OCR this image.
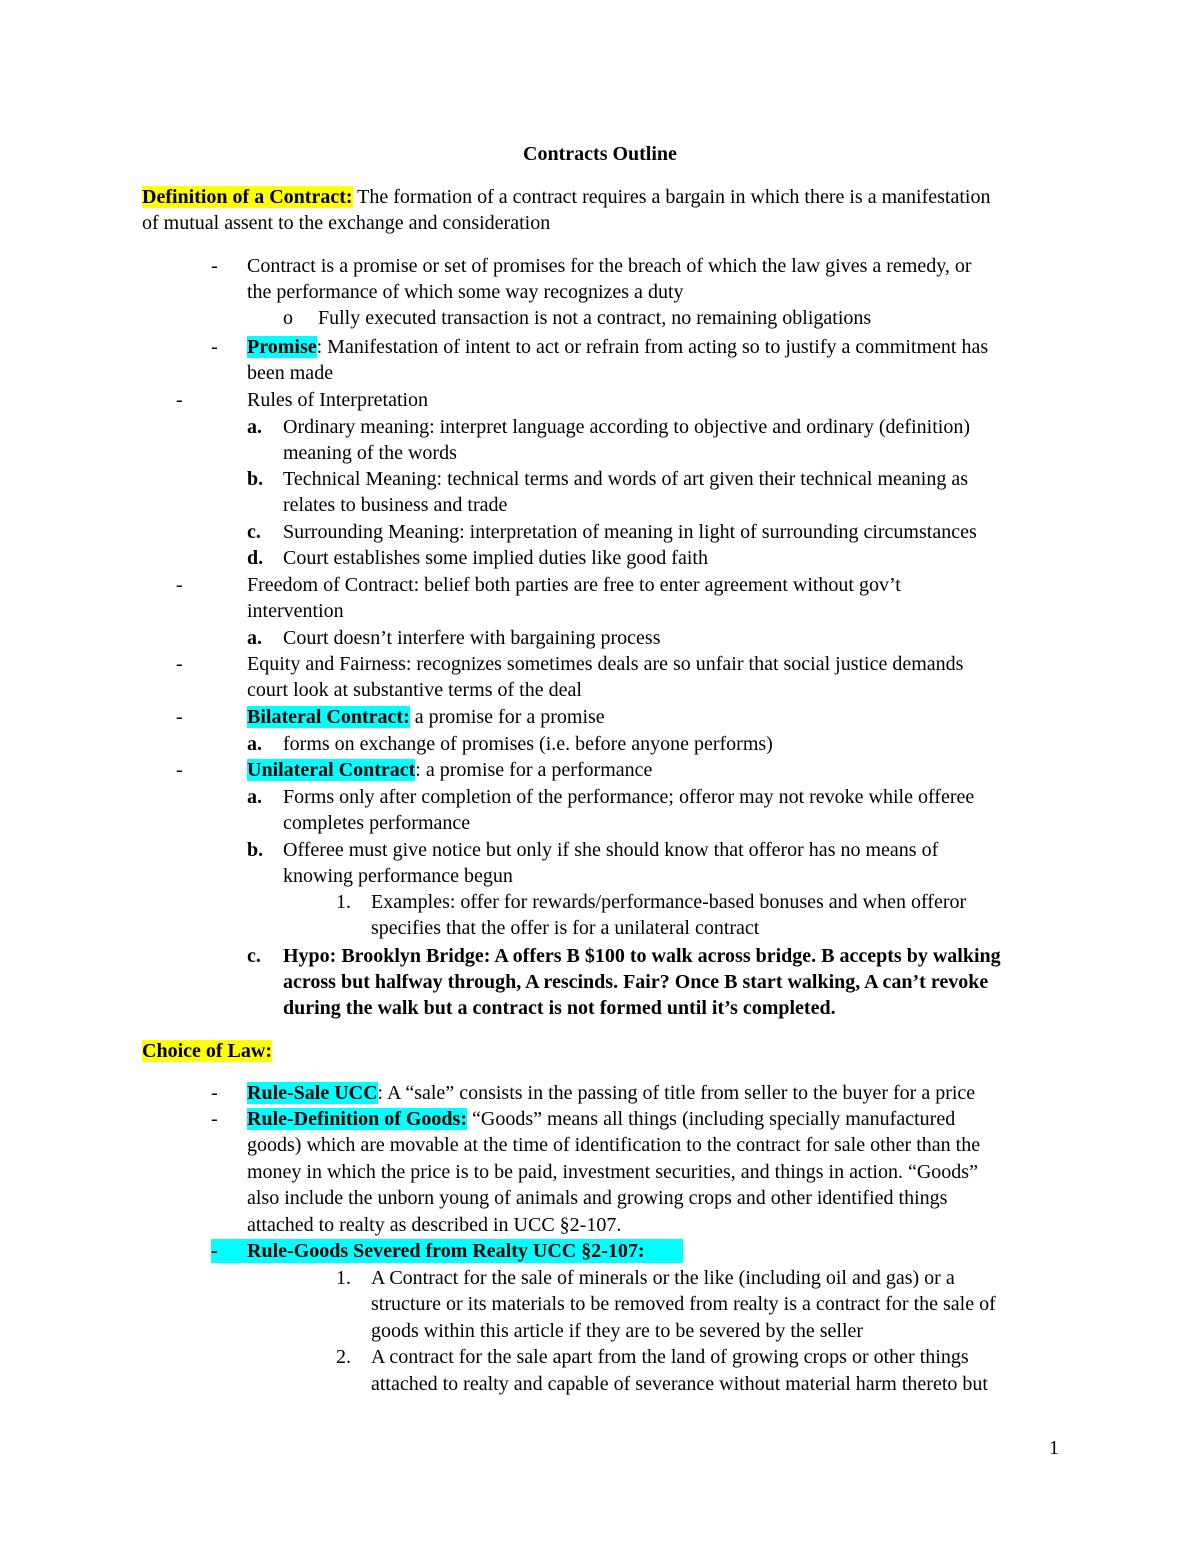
Contracts Outline
Definition of a Contract: The formation of a contract requires a bargain in which there is a manifestation
of mutual assent to the exchange and consideration
- Contract is a promise or set of promises for the breach of which the law gives a remedy, or
the performance of which some way recognizes a duty
o Fully executed transaction is not a contract, no remaining obligations
- Promise: Manifestation of intent to act or refrain from acting so to justify a commitment has
been made
-	Rules of Interpretation
a. Ordinary meaning: interpret language according to objective and ordinary (definition)
meaning of the words
b. Technical Meaning: technical terms and words of art given their technical meaning as
relates to business and trade
c. Surrounding Meaning: interpretation of meaning in light of surrounding circumstances
d. Court establishes some implied duties like good faith
-	Freedom of Contract: belief both parties are free to enter agreement without gov’t
intervention
a. Court doesn’t interfere with bargaining process
-	Equity and Fairness: recognizes sometimes deals are so unfair that social justice demands
court look at substantive terms of the deal
-	Bilateral Contract: a promise for a promise
a. forms on exchange of promises (i.e. before anyone performs)
-	Unilateral Contract: a promise for a performance
a. Forms only after completion of the performance; offeror may not revoke while offeree
completes performance
b. Offeree must give notice but only if she should know that offeror has no means of
knowing performance begun
1. Examples: offer for rewards/performance-based bonuses and when offeror
specifies that the offer is for a unilateral contract
c. Hypo: Brooklyn Bridge: A offers B $100 to walk across bridge. B accepts by walking
across but halfway through, A rescinds. Fair? Once B start walking, A can’t revoke
during the walk but a contract is not formed until it’s completed.
Choice of Law:
- Rule-Sale UCC: A “sale” consists in the passing of title from seller to the buyer for a price
- Rule-Definition of Goods: “Goods” means all things (including specially manufactured
goods) which are movable at the time of identification to the contract for sale other than the
money in which the price is to be paid, investment securities, and things in action. “Goods”
also include the unborn young of animals and growing crops and other identified things
attached to realty as described in UCC §2-107.
- Rule-Goods Severed from Realty UCC §2-107:
1. A Contract for the sale of minerals or the like (including oil and gas) or a
structure or its materials to be removed from realty is a contract for the sale of
goods within this article if they are to be severed by the seller
2. A contract for the sale apart from the land of growing crops or other things
attached to realty and capable of severance without material harm thereto but
1
